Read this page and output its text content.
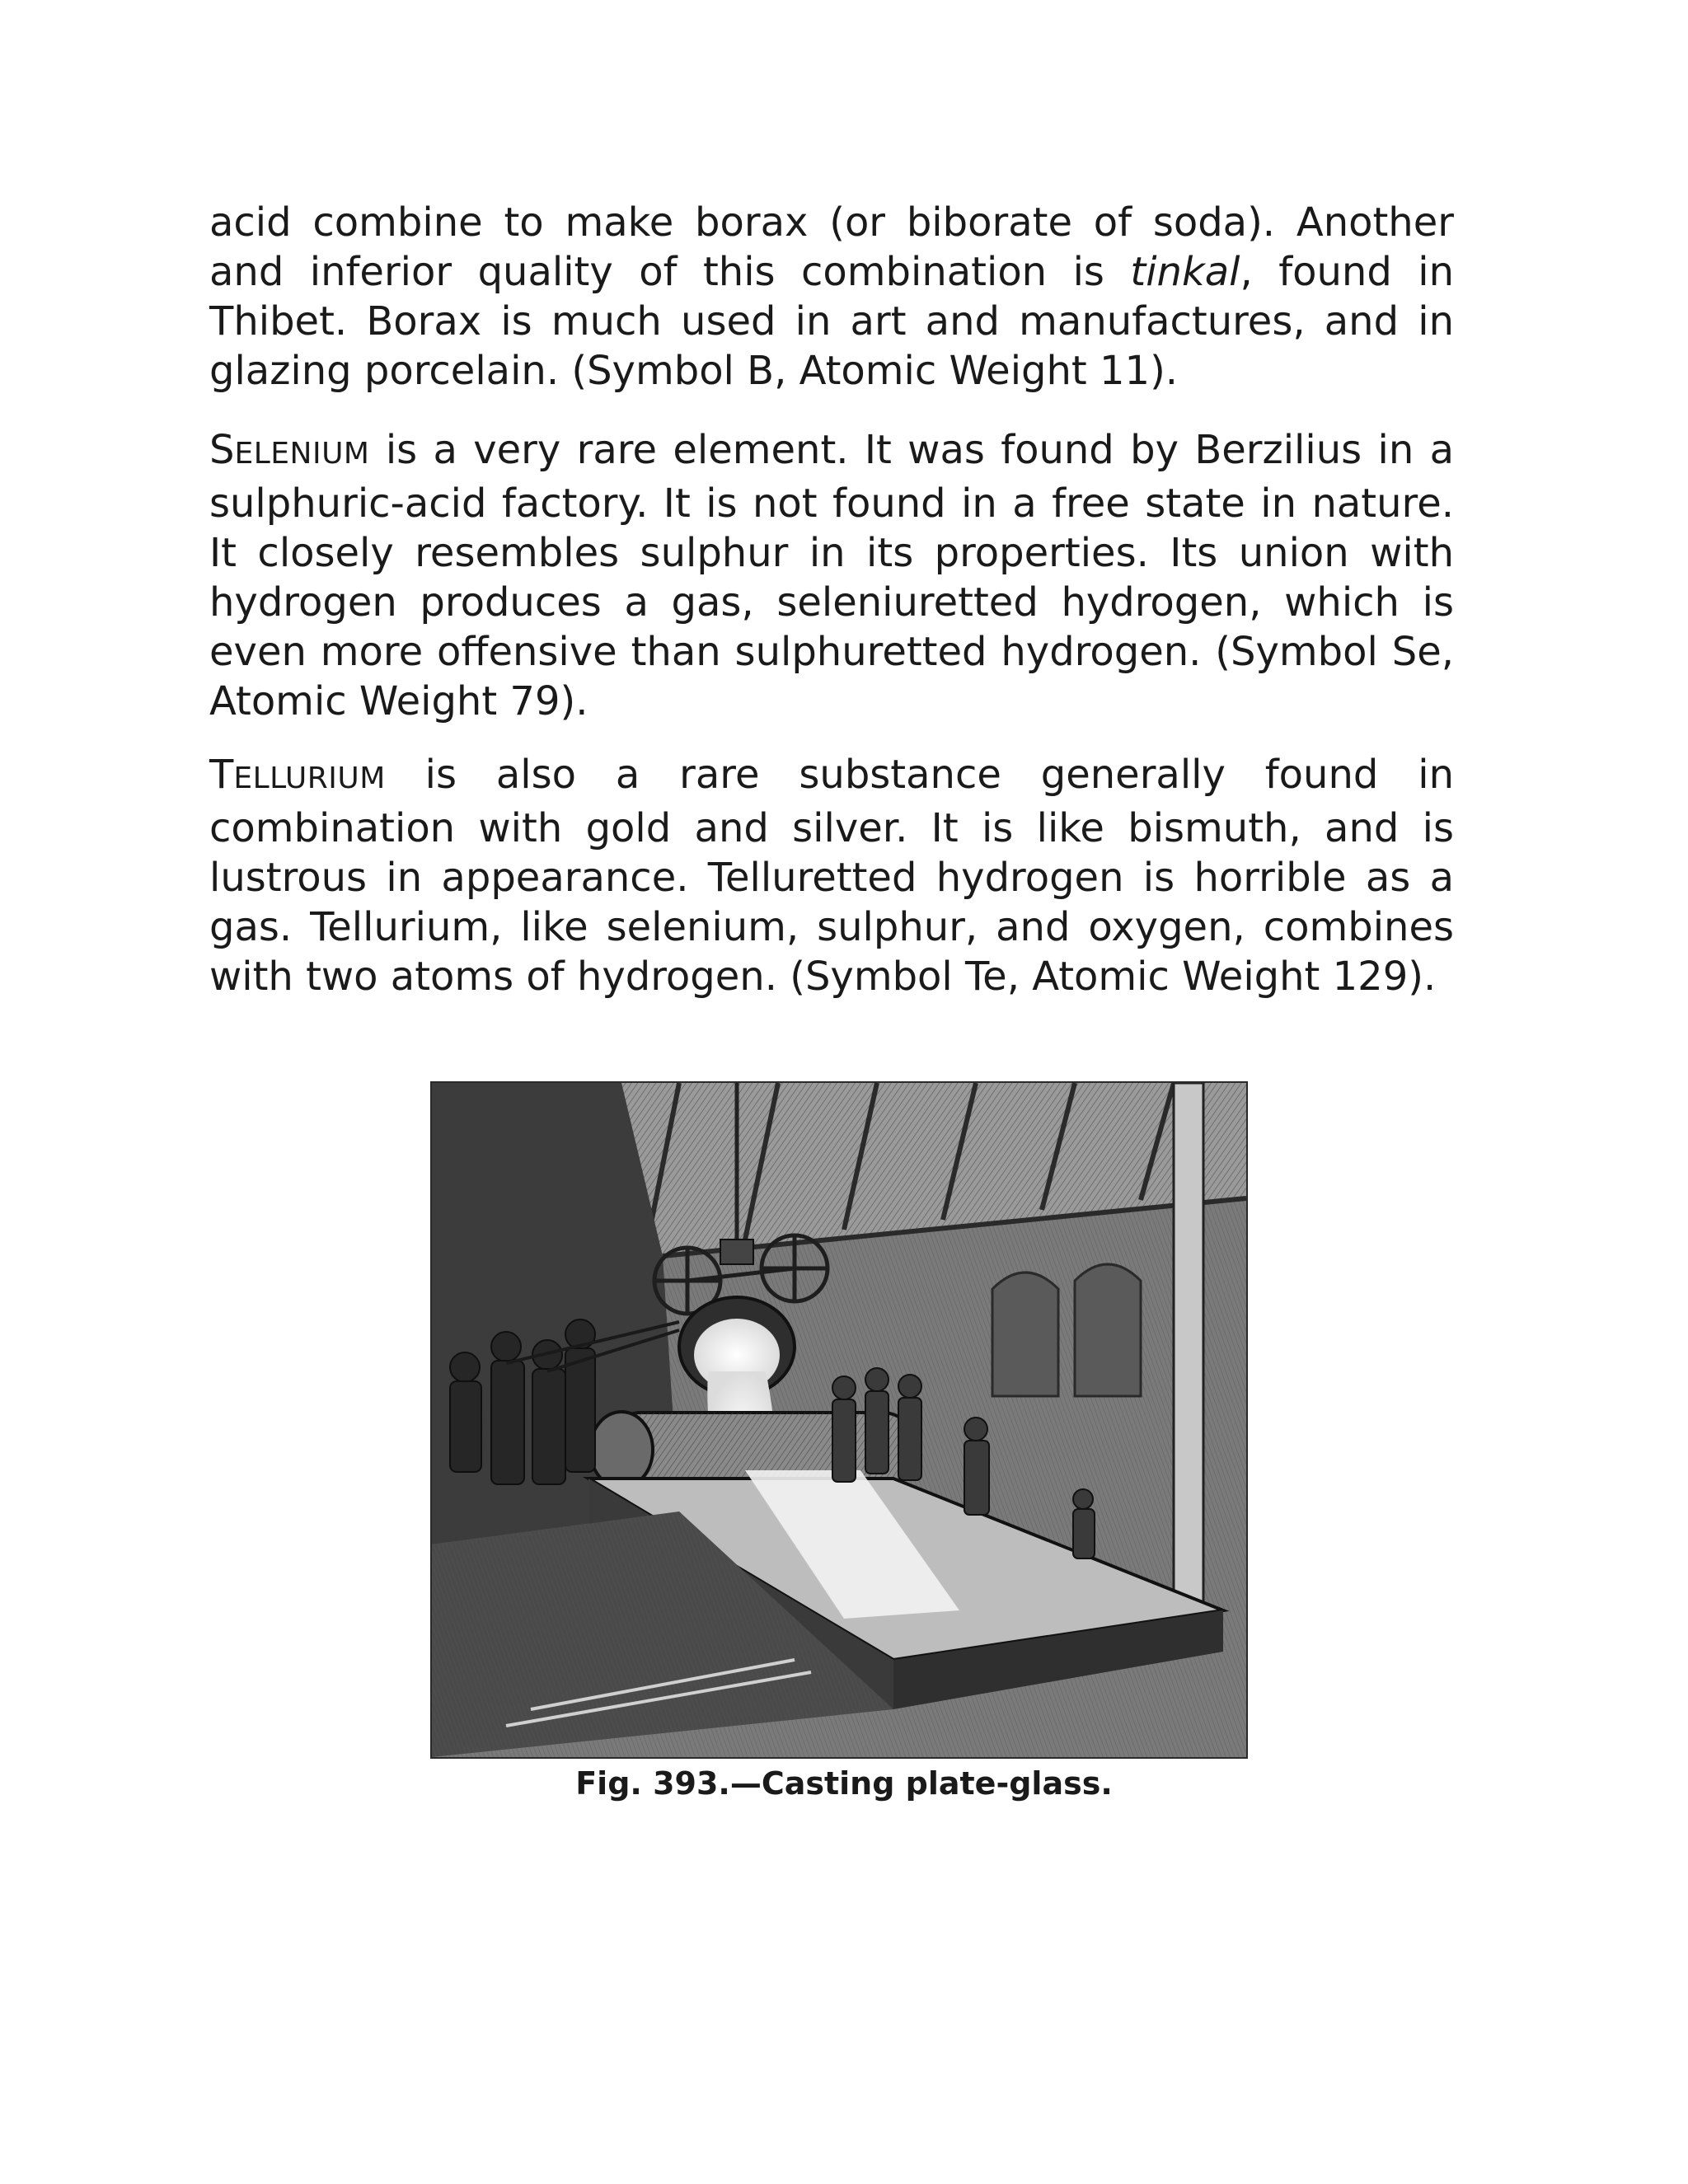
acid combine to make borax (or biborate of soda). Another and inferior quality of this combination is tinkal, found in Thibet. Borax is much used in art and manufactures, and in glazing porcelain. (Symbol B, Atomic Weight 11).

SELENIUM is a very rare element. It was found by Berzilius in a sulphuric-acid factory. It is not found in a free state in nature. It closely resembles sulphur in its properties. Its union with hydrogen produces a gas, seleniuretted hydrogen, which is even more offensive than sulphuretted hydrogen. (Symbol Se, Atomic Weight 79).

TELLURIUM is also a rare substance generally found in combination with gold and silver. It is like bismuth, and is lustrous in appearance. Telluretted hydrogen is horrible as a gas. Tellurium, like selenium, sulphur, and oxygen, combines with two atoms of hydrogen. (Symbol Te, Atomic Weight 129).

Fig. 393.—Casting plate-glass.
